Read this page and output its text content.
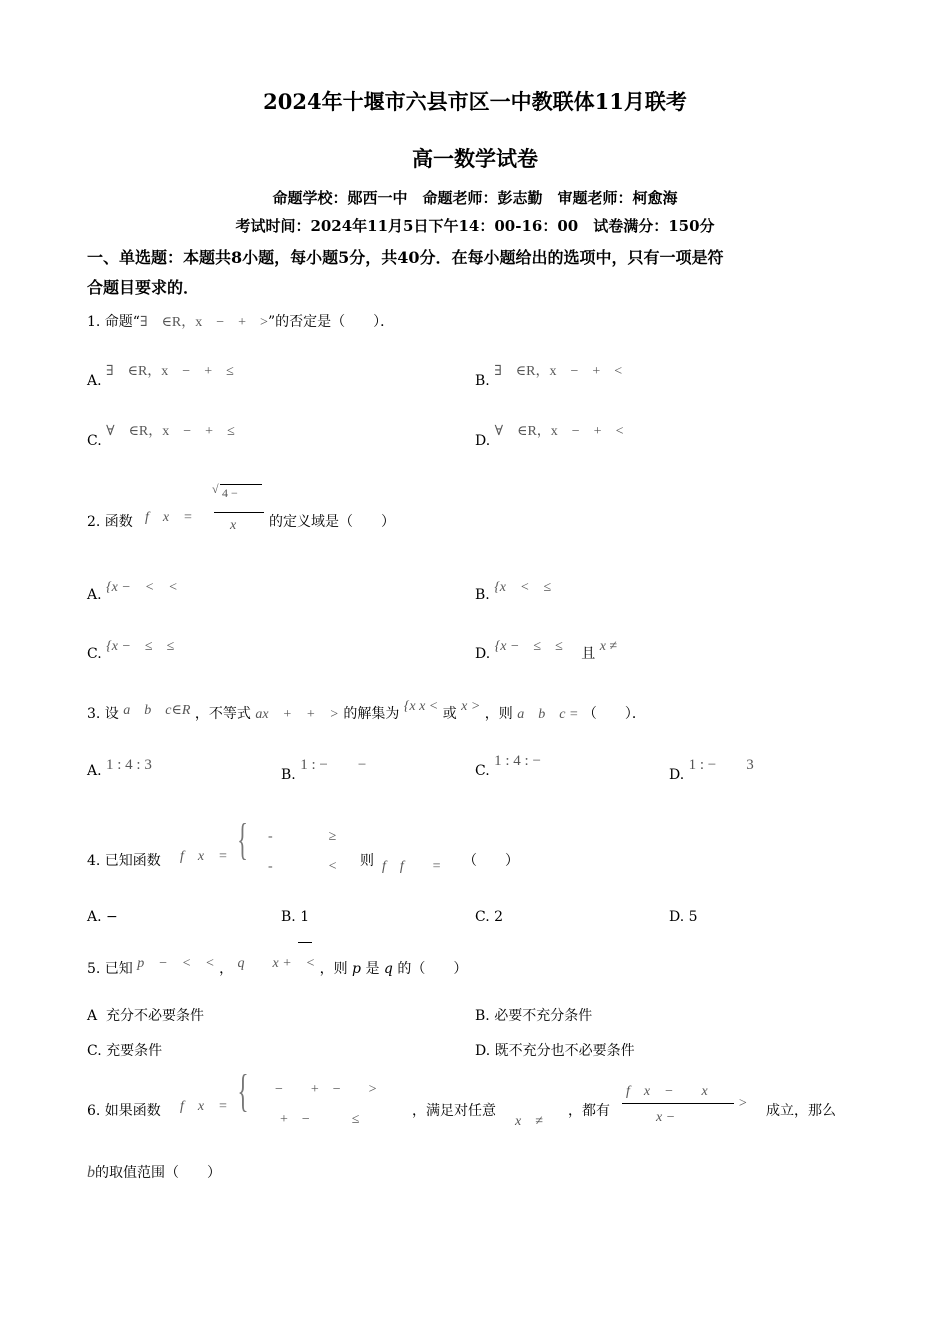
2024年十堰市六县市区一中教联体11月联考
高一数学试卷
命题学校：郧西一中　命题老师：彭志勤　审题老师：柯愈海
考试时间：2024年11月5日下午14：00-16：00　试卷满分：150分
一、单选题：本题共8小题，每小题5分，共40分．在每小题给出的选项中，只有一项是符
合题目要求的．
1. 命题“∃　∈R，x　−　+　>”的否定是（　　）．
A. ∃　∈R，x　−　+　≤
B. ∃　∈R，x　−　+　<
C. ∀　∈R，x　−　+　≤
D. ∀　∈R，x　−　+　<
2. 函数 f　x　=
√ 4 −
x 的定义域是（　　）
A. {x −　<　<　	B. {x　<　≤　
C. {x −　≤　≤　	D. {x −　≤　≤ 且 x ≠
3. 设 a　b　c∈R ，不等式 ax　+　+　> 的解集为 {x x < 或 x > ，则 a　b　c = （　　）．
A. 1 : 4 : 3
B. 1 : −　　−	C. 1 : 4 : −
D. 1 : −　　3
4. 已知函数 f　x　= { -　　　　≥
-　　　　< 则 f　f　　= （　　）
A. −	B. 1	C. 2	D. 5
5. 已知 p　−　<　< ， q　　x +　< ，则 p 是 q 的（　　）
A 充分不必要条件	B. 必要不充分条件
C. 充要条件	D. 既不充分也不必要条件
6. 如果函数 f　x　= { −　　+　−　　>
+　−　　　≤
，满足对任意
x　≠
，都有
f　x　−　　x
x −
> 成立，那么
b的取值范围（　　）
